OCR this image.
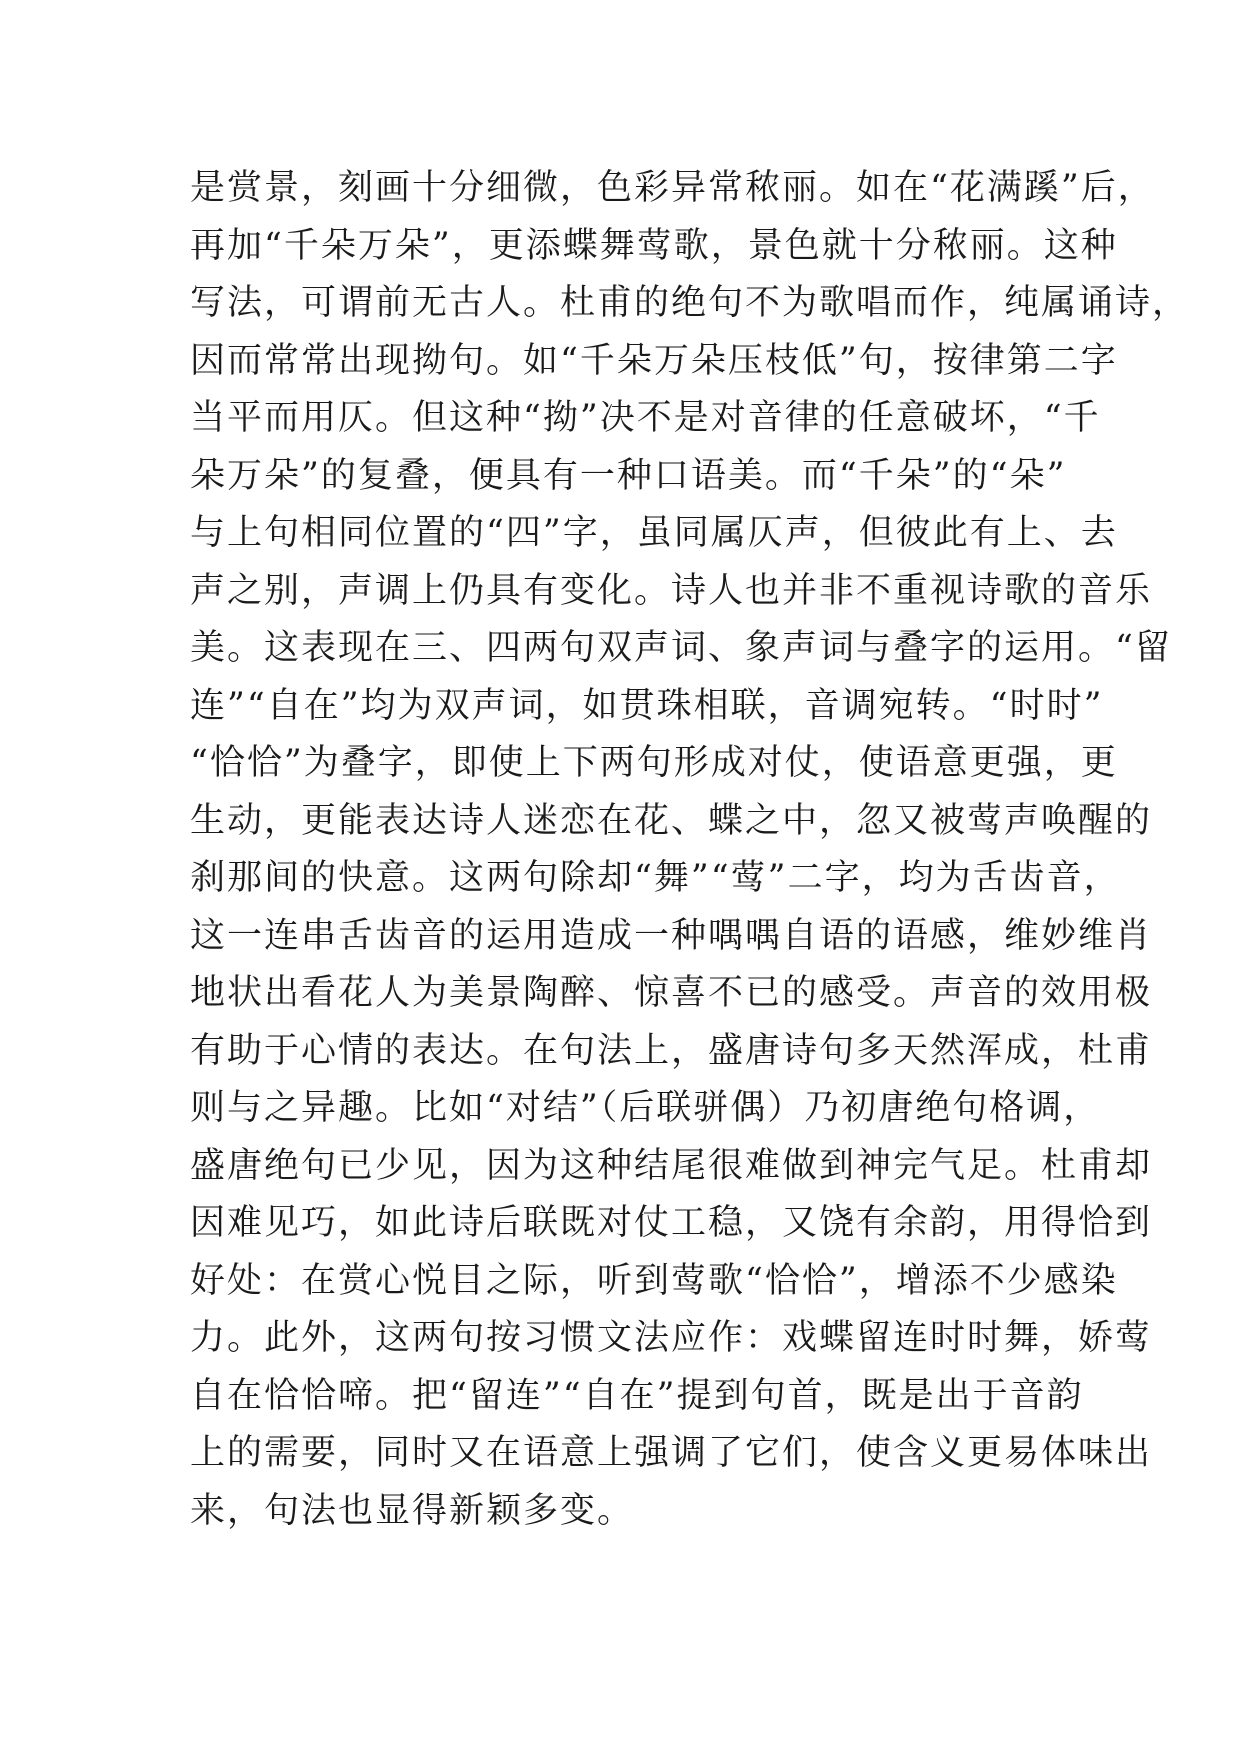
是赏景，刻画十分细微，色彩异常秾丽。如在“花满蹊”后，
再加“千朵万朵”，更添蝶舞莺歌，景色就十分秾丽。这种
写法，可谓前无古人。杜甫的绝句不为歌唱而作，纯属诵诗，
因而常常出现拗句。如“千朵万朵压枝低”句，按律第二字
当平而用仄。但这种“拗”决不是对音律的任意破坏，“千
朵万朵”的复叠，便具有一种口语美。而“千朵”的“朵”
与上句相同位置的“四”字，虽同属仄声，但彼此有上、去
声之别，声调上仍具有变化。诗人也并非不重视诗歌的音乐
美。这表现在三、四两句双声词、象声词与叠字的运用。“留
连”“自在”均为双声词，如贯珠相联，音调宛转。“时时”
“恰恰”为叠字，即使上下两句形成对仗，使语意更强，更
生动，更能表达诗人迷恋在花、蝶之中，忽又被莺声唤醒的
刹那间的快意。这两句除却“舞”“莺”二字，均为舌齿音，
这一连串舌齿音的运用造成一种喁喁自语的语感，维妙维肖
地状出看花人为美景陶醉、惊喜不已的感受。声音的效用极
有助于心情的表达。在句法上，盛唐诗句多天然浑成，杜甫
则与之异趣。比如“对结”（后联骈偶）乃初唐绝句格调，
盛唐绝句已少见，因为这种结尾很难做到神完气足。杜甫却
因难见巧，如此诗后联既对仗工稳，又饶有余韵，用得恰到
好处：在赏心悦目之际，听到莺歌“恰恰”，增添不少感染
力。此外，这两句按习惯文法应作：戏蝶留连时时舞，娇莺
自在恰恰啼。把“留连”“自在”提到句首，既是出于音韵
上的需要，同时又在语意上强调了它们，使含义更易体味出
来，句法也显得新颖多变。
